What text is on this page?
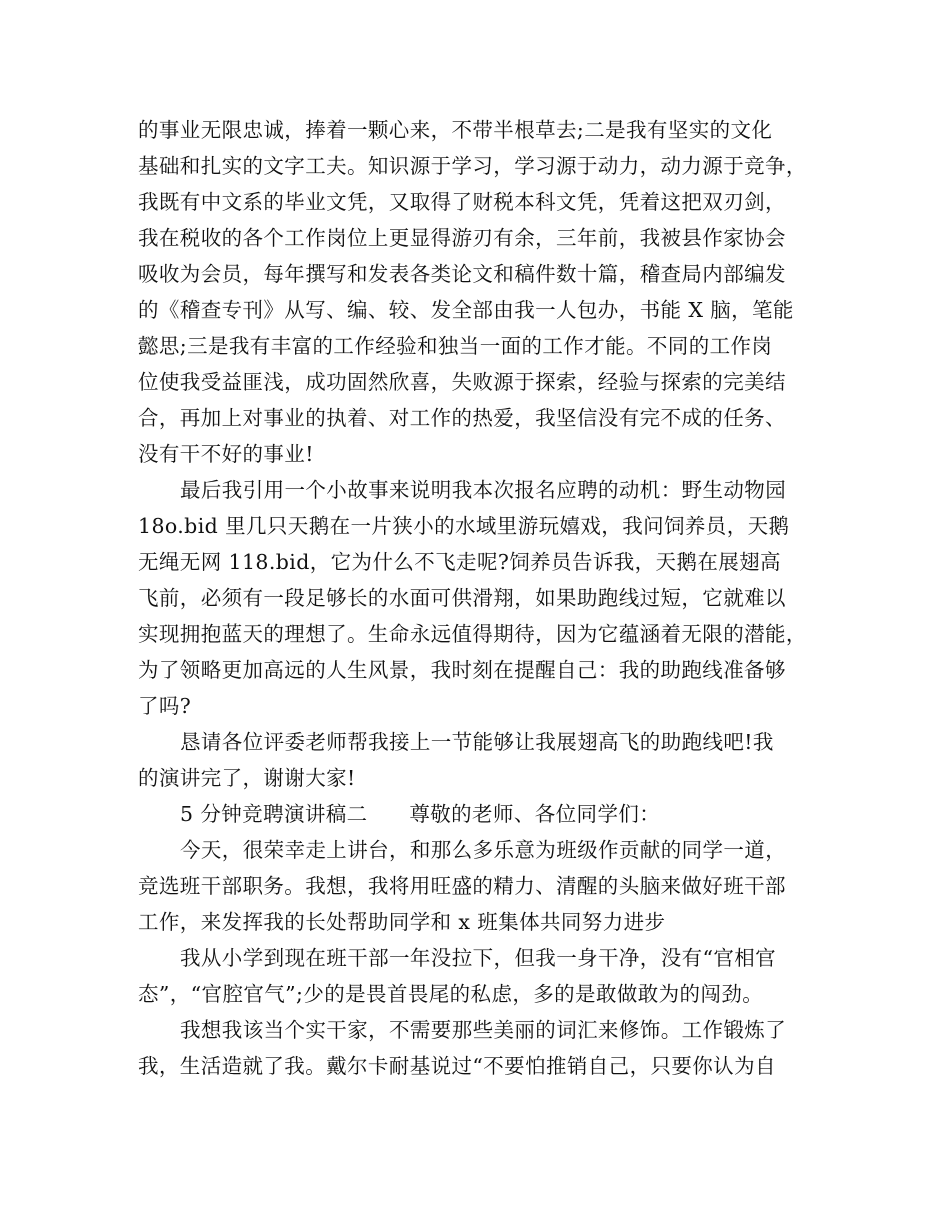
的事业无限忠诚，捧着一颗心来，不带半根草去;二是我有坚实的文化
基础和扎实的文字工夫。知识源于学习，学习源于动力，动力源于竞争，
我既有中文系的毕业文凭，又取得了财税本科文凭，凭着这把双刃剑，
我在税收的各个工作岗位上更显得游刃有余，三年前，我被县作家协会
吸收为会员，每年撰写和发表各类论文和稿件数十篇，稽查局内部编发
的《稽查专刊》从写、编、较、发全部由我一人包办，书能 X 脑，笔能
懿思;三是我有丰富的工作经验和独当一面的工作才能。不同的工作岗
位使我受益匪浅，成功固然欣喜，失败源于探索，经验与探索的完美结
合，再加上对事业的执着、对工作的热爱，我坚信没有完不成的任务、
没有干不好的事业!
最后我引用一个小故事来说明我本次报名应聘的动机：野生动物园
18o.bid 里几只天鹅在一片狭小的水域里游玩嬉戏，我问饲养员，天鹅
无绳无网 118.bid，它为什么不飞走呢?饲养员告诉我，天鹅在展翅高
飞前，必须有一段足够长的水面可供滑翔，如果助跑线过短，它就难以
实现拥抱蓝天的理想了。生命永远值得期待，因为它蕴涵着无限的潜能，
为了领略更加高远的人生风景，我时刻在提醒自己：我的助跑线准备够
了吗?
恳请各位评委老师帮我接上一节能够让我展翅高飞的助跑线吧!我
的演讲完了，谢谢大家!
5 分钟竞聘演讲稿二　　尊敬的老师、各位同学们：
今天，很荣幸走上讲台，和那么多乐意为班级作贡献的同学一道，
竞选班干部职务。我想，我将用旺盛的精力、清醒的头脑来做好班干部
工作，来发挥我的长处帮助同学和 x 班集体共同努力进步
我从小学到现在班干部一年没拉下，但我一身干净，没有“官相官
态”，“官腔官气”;少的是畏首畏尾的私虑，多的是敢做敢为的闯劲。
我想我该当个实干家，不需要那些美丽的词汇来修饰。工作锻炼了
我，生活造就了我。戴尔卡耐基说过“不要怕推销自己，只要你认为自
